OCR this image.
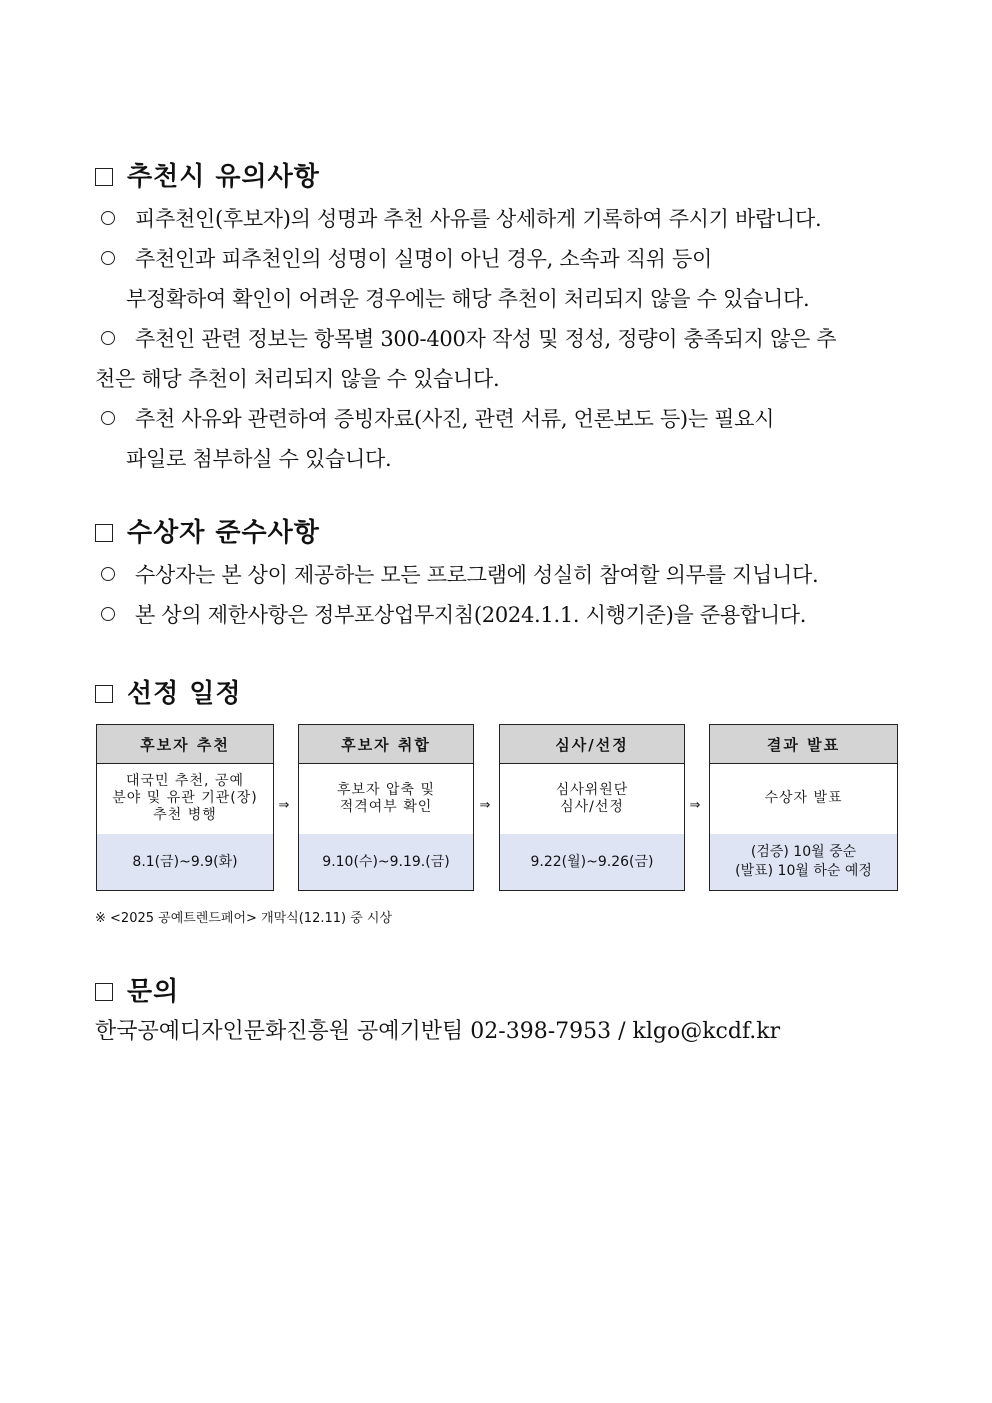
추천시 유의사항
피추천인(후보자)의 성명과 추천 사유를 상세하게 기록하여 주시기 바랍니다.
추천인과 피추천인의 성명이 실명이 아닌 경우, 소속과 직위 등이
부정확하여 확인이 어려운 경우에는 해당 추천이 처리되지 않을 수 있습니다.
추천인 관련 정보는 항목별 300-400자 작성 및 정성, 정량이 충족되지 않은 추
천은 해당 추천이 처리되지 않을 수 있습니다.
추천 사유와 관련하여 증빙자료(사진, 관련 서류, 언론보도 등)는 필요시
파일로 첨부하실 수 있습니다.
수상자 준수사항
수상자는 본 상이 제공하는 모든 프로그램에 성실히 참여할 의무를 지닙니다.
본 상의 제한사항은 정부포상업무지침(2024.1.1. 시행기준)을 준용합니다.
선정 일정
후보자 추천
대국민 추천, 공예
분야 및 유관 기관(장)
추천 병행
8.1(금)~9.9(화)
⇒
후보자 취합
후보자 압축 및
적격여부 확인
9.10(수)~9.19.(금)
⇒
심사/선정
심사위원단
심사/선정
9.22(월)~9.26(금)
⇒
결과 발표
수상자 발표
(검증) 10월 중순
(발표) 10월 하순 예정
※ <2025 공예트렌드페어> 개막식(12.11) 중 시상
문의
한국공예디자인문화진흥원 공예기반팀 02-398-7953 / klgo@kcdf.kr
